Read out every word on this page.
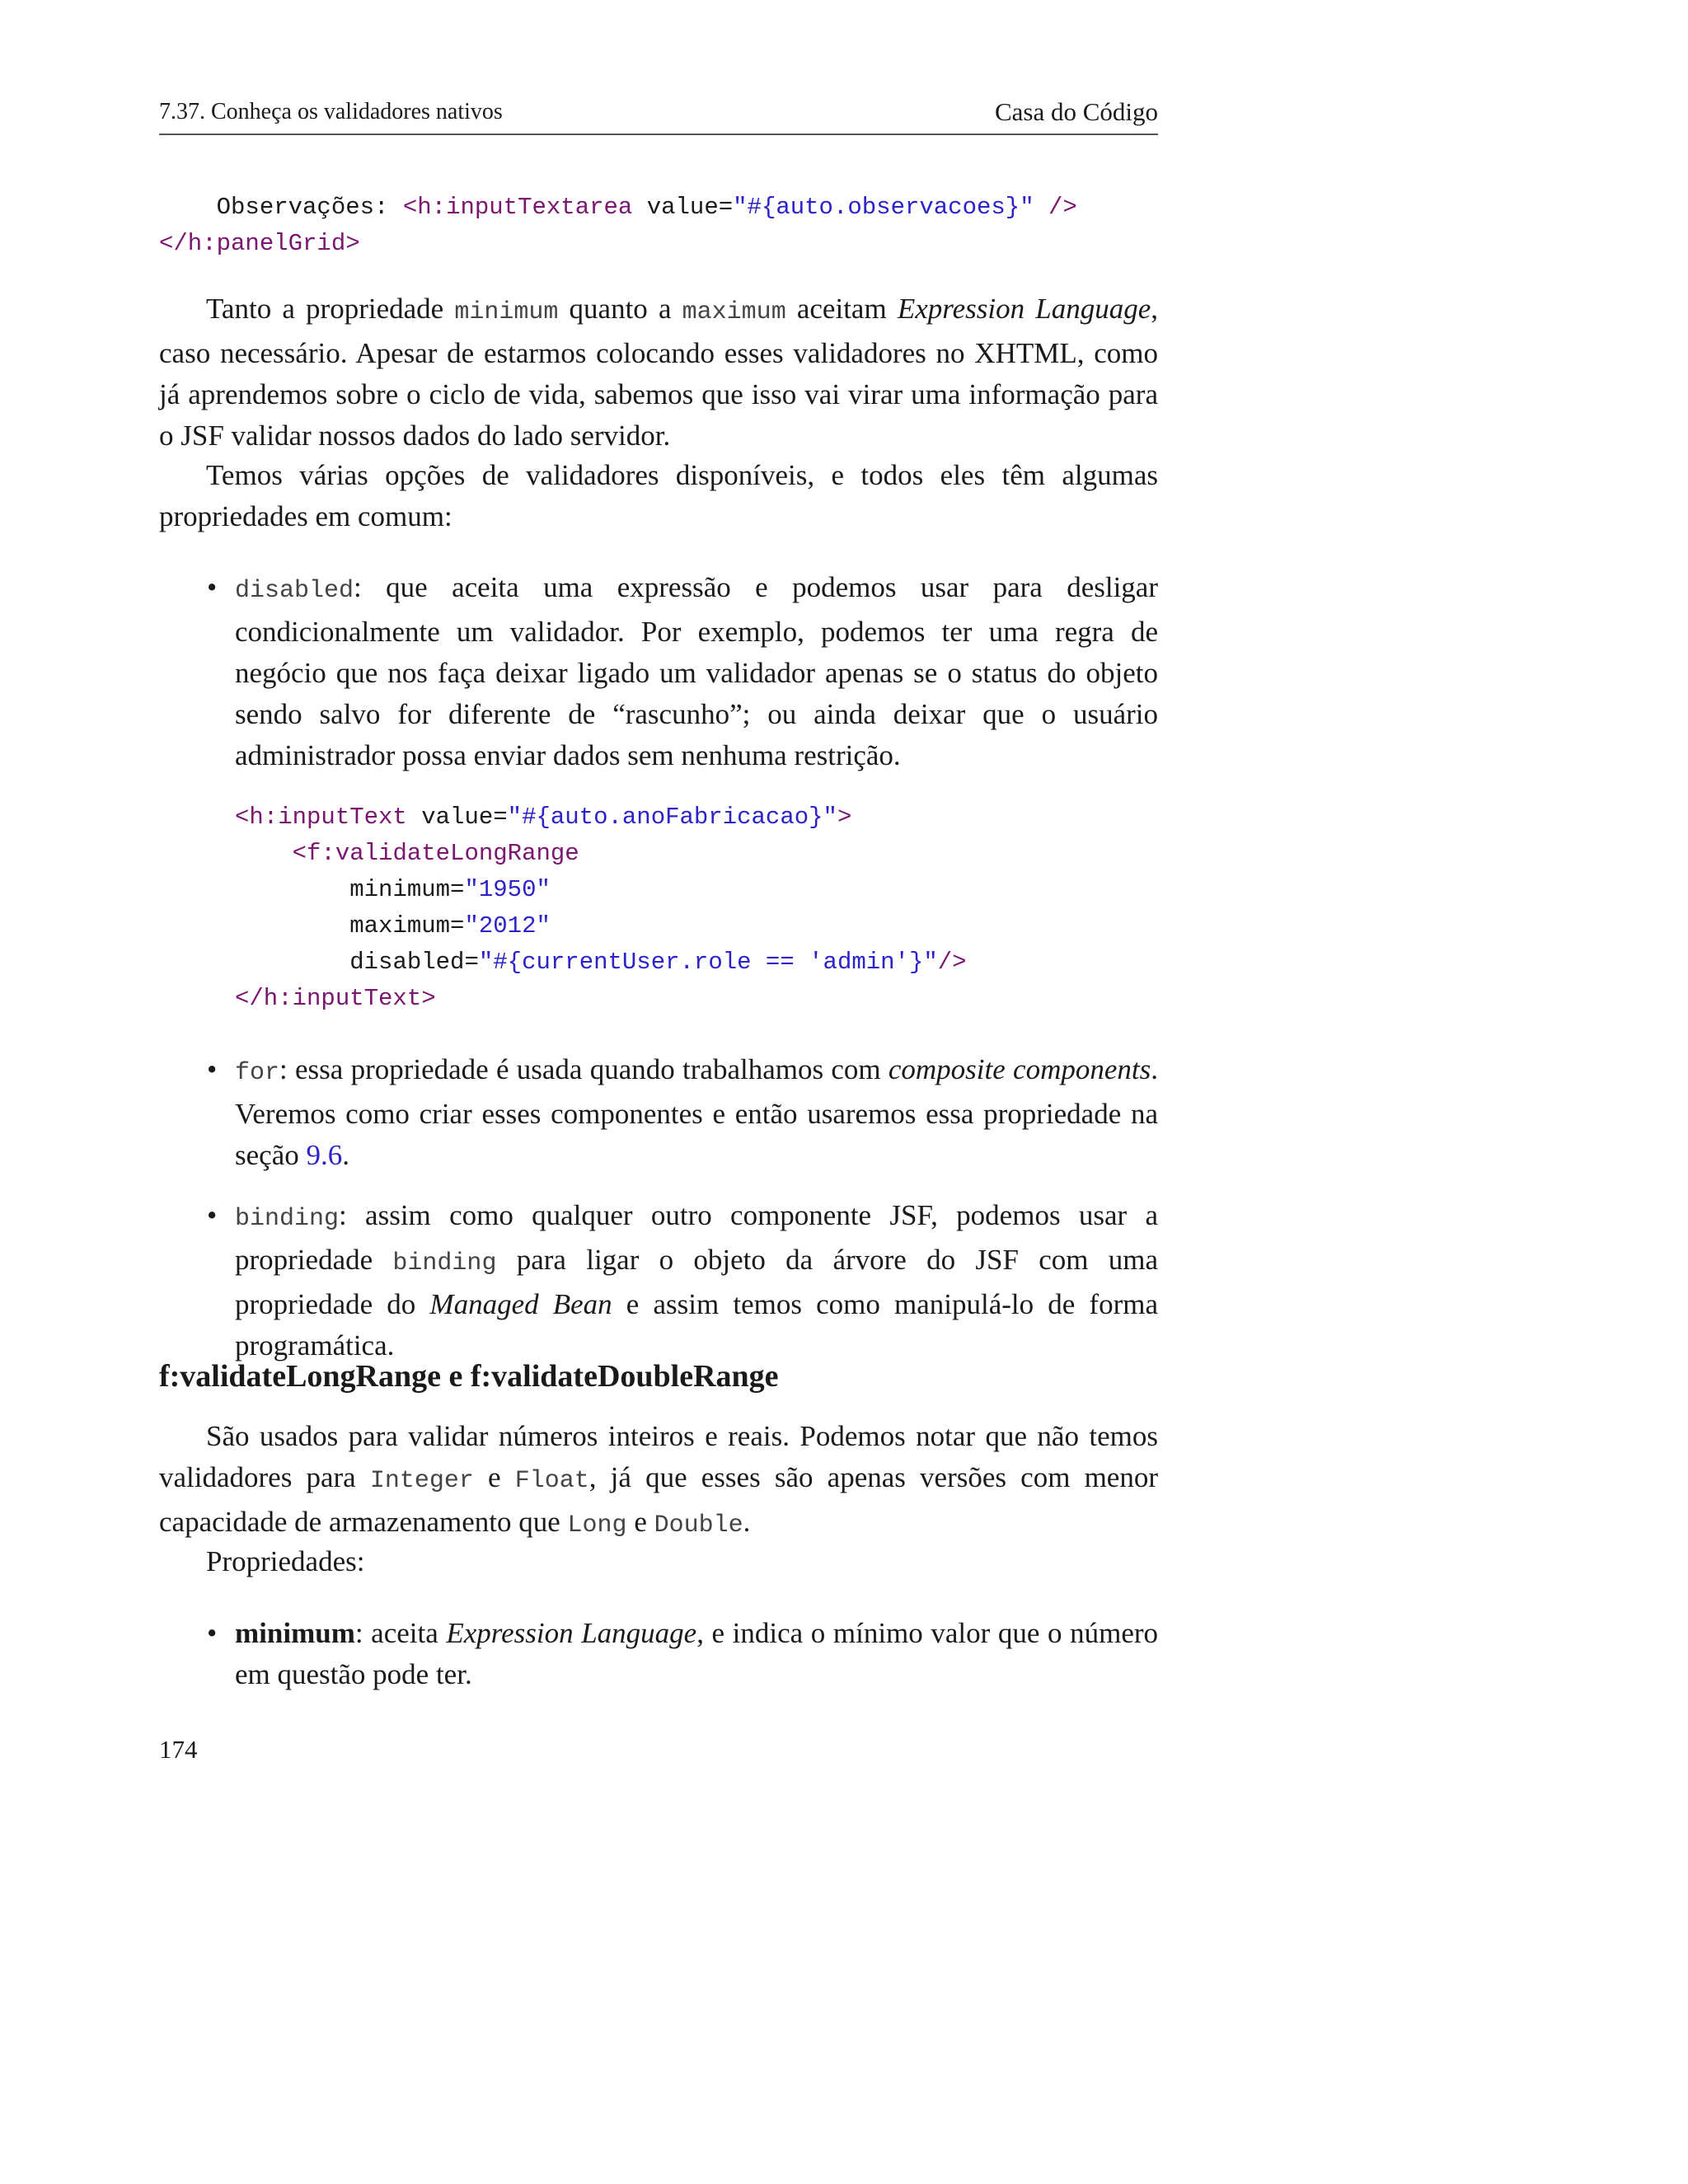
7.37. Conheça os validadores nativos	Casa do Código
Observações: <h:inputTextarea value="#{auto.observacoes}" />
</h:panelGrid>

Tanto a propriedade minimum quanto a maximum aceitam Expression Language, caso necessário. Apesar de estarmos colocando esses validadores no XHTML, como já aprendemos sobre o ciclo de vida, sabemos que isso vai virar uma informação para o JSF validar nossos dados do lado servidor.

Temos várias opções de validadores disponíveis, e todos eles têm algumas propriedades em comum:

• disabled: que aceita uma expressão e podemos usar para desligar condicionalmente um validador. Por exemplo, podemos ter uma regra de negócio que nos faça deixar ligado um validador apenas se o status do objeto sendo salvo for diferente de “rascunho”; ou ainda deixar que o usuário administrador possa enviar dados sem nenhuma restrição.

<h:inputText value="#{auto.anoFabricacao}">
<f:validateLongRange
minimum="1950"
maximum="2012"
disabled="#{currentUser.role == 'admin'}"/>
</h:inputText>
• for: essa propriedade é usada quando trabalhamos com composite components. Veremos como criar esses componentes e então usaremos essa propriedade na seção 9.6.

• binding: assim como qualquer outro componente JSF, podemos usar a propriedade binding para ligar o objeto da árvore do JSF com uma propriedade do Managed Bean e assim temos como manipulá-lo de forma programática.

f:validateLongRange e f:validateDoubleRange

São usados para validar números inteiros e reais. Podemos notar que não temos validadores para Integer e Float, já que esses são apenas versões com menor capacidade de armazenamento que Long e Double.

Propriedades:

• minimum: aceita Expression Language, e indica o mínimo valor que o número em questão pode ter.

174
